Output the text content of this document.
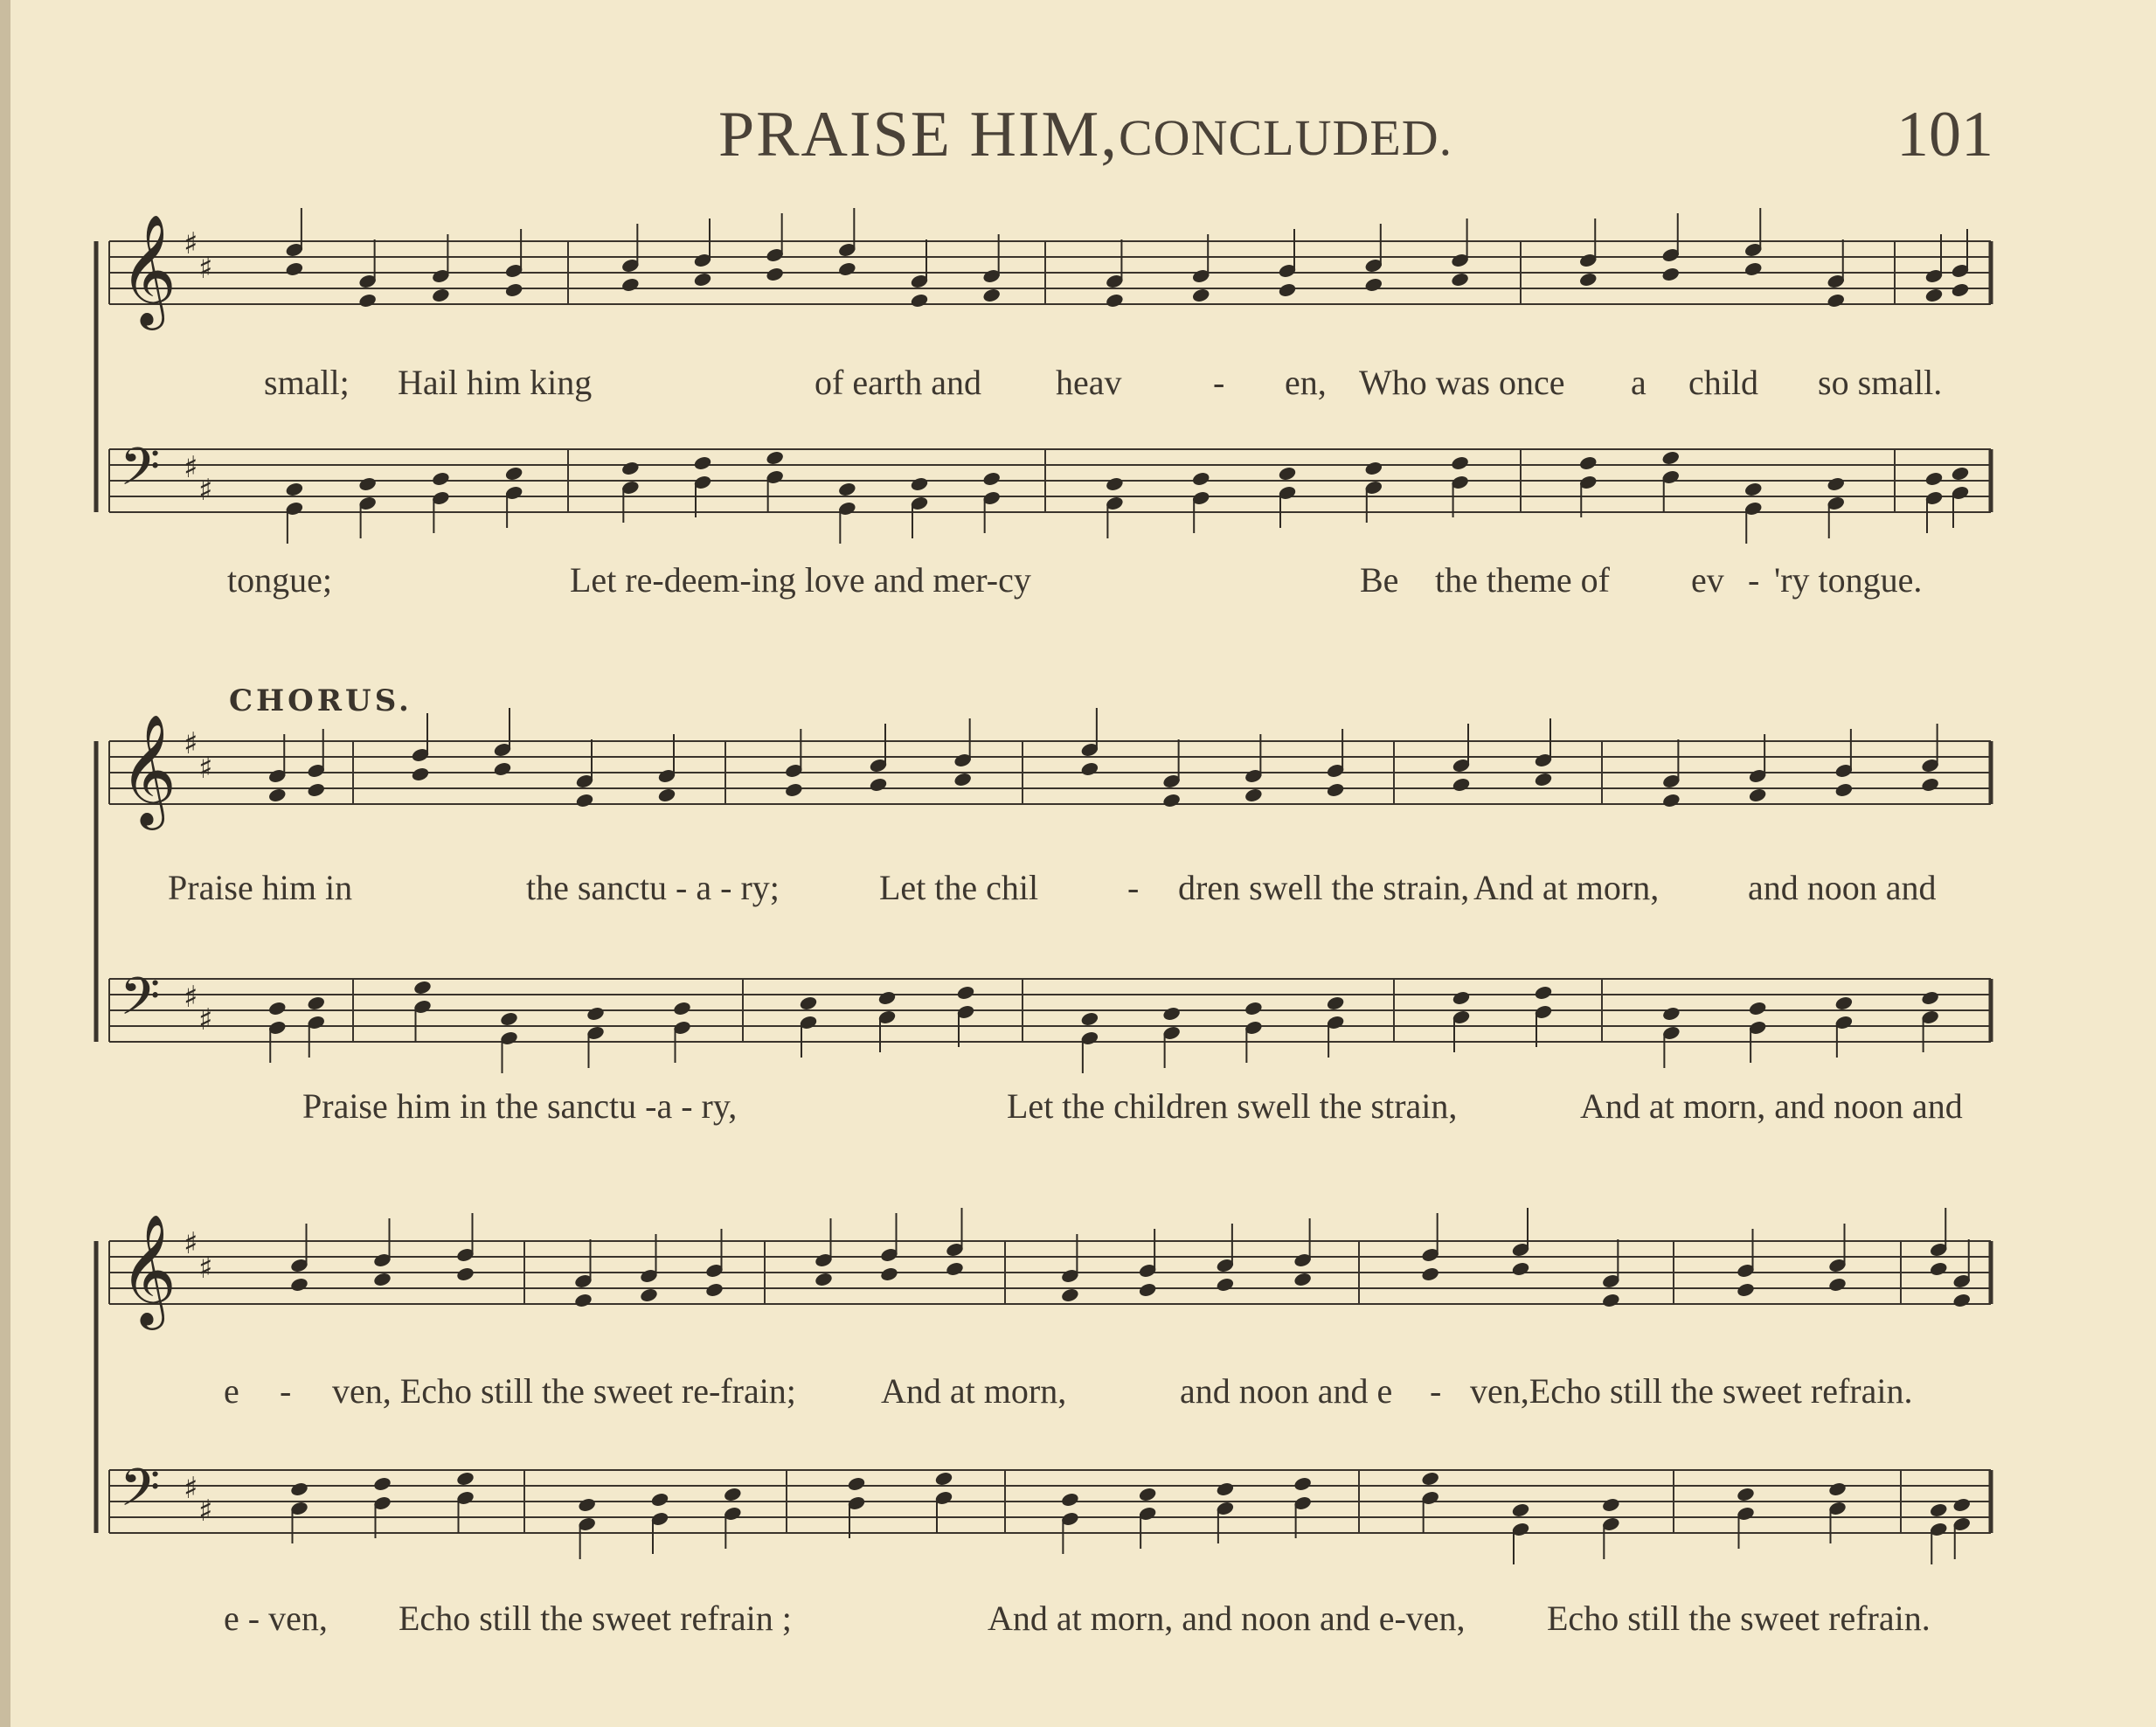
PRAISE HIM, CONCLUDED.	101
𝄞 ♯
♯
𝄢 ♯
♯
𝄞 ♯
♯
𝄢 ♯
♯
𝄞 ♯
♯
𝄢 ♯
♯
CHORUS.
small; Hail him king	of earth and heav	- en, Who was once a child so small.
tongue;	Let re-deem-ing love and mer-cy	Be the theme of ev - 'ry tongue.
Praise him in	the sanctu - a - ry;	Let the chil	- dren swell the strain, And at morn,	and noon and
Praise him in the sanctu -a - ry,	Let the children swell the strain,	And at morn, and noon and
e - ven, Echo still the sweet re-frain; And at morn,	and noon and e - ven,Echo still the sweet refrain.
e - ven, Echo still the sweet refrain ;	And at morn, and noon and e-ven, Echo still the sweet refrain.
